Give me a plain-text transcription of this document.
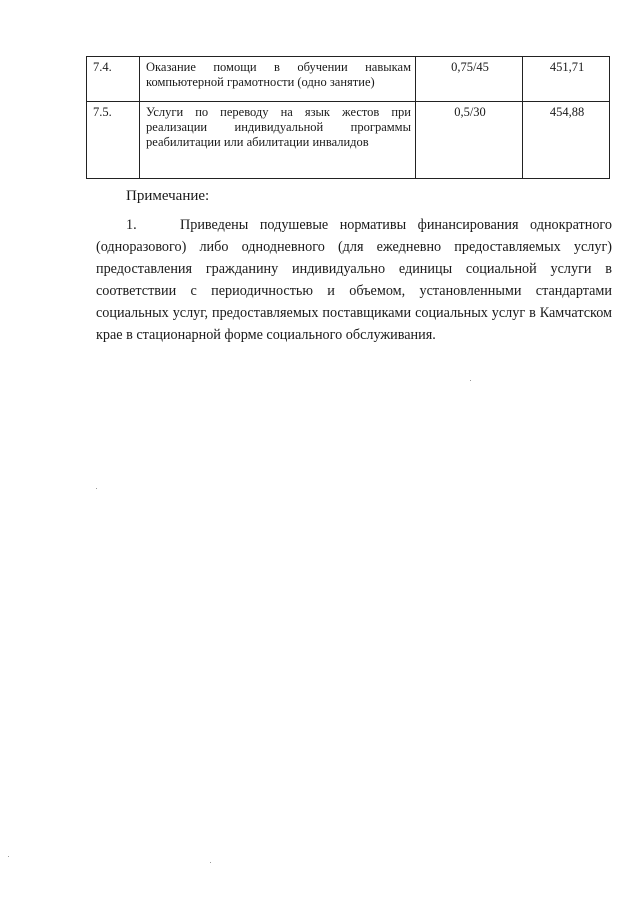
7.4.	Оказание помощи в обучении навыкам компьютерной грамотности (одно занятие)	0,75/45	451,71
7.5.	Услуги по переводу на язык жестов при реализации индивидуальной программы реабилитации или абилитации инвалидов	0,5/30	454,88
Примечание:
1.	Приведены подушевые нормативы финансирования однократного (одноразового) либо однодневного (для ежедневно предоставляемых услуг) предоставления гражданину индивидуально единицы социальной услуги в соответствии с периодичностью и объемом, установленными стандартами социальных услуг, предоставляемых поставщиками социальных услуг в Камчатском крае в стационарной форме социального обслуживания.
